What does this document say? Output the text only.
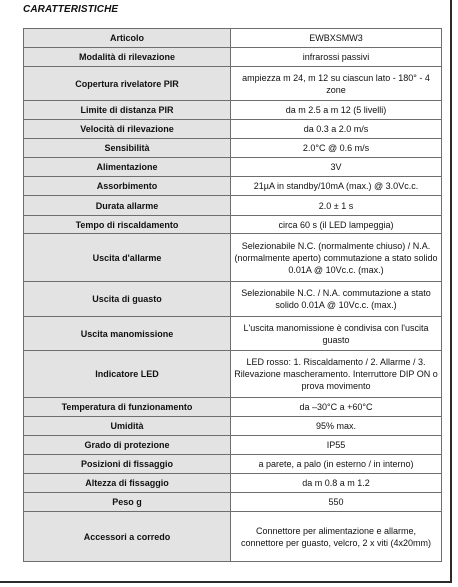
CARATTERISTICHE
Articolo	EWBXSMW3
Modalità di rilevazione	infrarossi passivi
Copertura rivelatore PIR	ampiezza m 24, m 12 su ciascun lato - 180° - 4 zone
Limite di distanza PIR	da m 2.5 a m 12 (5 livelli)
Velocità di rilevazione	da 0.3 a 2.0 m/s
Sensibilità	2.0°C @ 0.6 m/s
Alimentazione	3V
Assorbimento	21µA in standby/10mA (max.) @ 3.0Vc.c.
Durata allarme	2.0 ± 1 s
Tempo di riscaldamento	circa 60 s (il LED lampeggia)
Uscita d'allarme	Selezionabile N.C. (normalmente chiuso) / N.A. (normalmente aperto) commutazione a stato solido 0.01A @ 10Vc.c. (max.)
Uscita di guasto	Selezionabile N.C. / N.A. commutazione a stato solido 0.01A @ 10Vc.c. (max.)
Uscita manomissione	L'uscita manomissione è condivisa con l'uscita guasto
Indicatore LED	LED rosso: 1. Riscaldamento / 2. Allarme / 3. Rilevazione mascheramento. Interruttore DIP ON o prova movimento
Temperatura di funzionamento	da –30°C a +60°C
Umidità	95% max.
Grado di protezione	IP55
Posizioni di fissaggio	a parete, a palo (in esterno / in interno)
Altezza di fissaggio	da m 0.8 a m 1.2
Peso g	550
Accessori a corredo	Connettore per alimentazione e allarme, connettore per guasto, velcro, 2 x viti (4x20mm)
